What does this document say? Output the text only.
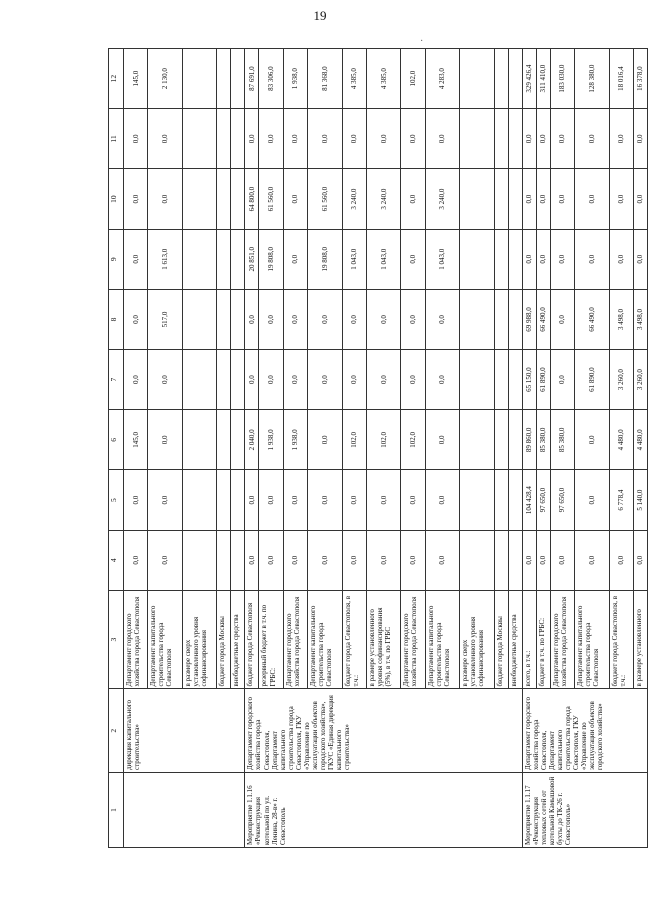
19
1	2	3	4	5	6	7	8	9	10	11	12
	дирекция капитального строительства»	Департамент городского хозяйства города Севастополя	0,0	0,0	145,0	0,0	0,0	0,0	0,0	0,0	145,0
		Департамент капитального строительства города Севастополя	0,0	0,0	0,0	0,0	517,0	1 613,0	0,0	0,0	2 130,0
		в размере сверх установленного уровня софинансирования									
		бюджет города Москвы									
		внебюджетные средства									
Мероприятие 1.1.16 «Реконструкция котельной по ул. Ленина, 28-в» г. Севастополь	Департамент городского хозяйства города Севастополя, Департамент капитального строительства города Севастополя, ГКУ «Управление по эксплуатации объектов городского хозяйства», ГКУС «Единая дирекция капитального строительства»	бюджет города Севастополя	0,0	0,0	2 040,0	0,0	0,0	20 851,0	64 800,0	0,0	87 691,0
		резервный бюджет в т.ч. по ГРБС:	0,0	0,0	1 938,0	0,0	0,0	19 808,0	61 560,0	0,0	83 306,0
		Департамент городского хозяйства города Севастополя	0,0	0,0	1 938,0	0,0	0,0	0,0	0,0	0,0	1 938,0
		Департамент капитального строительства города Севастополя	0,0	0,0	0,0	0,0	0,0	19 808,0	61 560,0	0,0	81 368,0
		бюджет города Севастополя, в т.ч.:	0,0	0,0	102,0	0,0	0,0	1 043,0	3 240,0	0,0	4 385,0
		в размере установленного уровня софинансирования (5%), в т.ч. по ГРБС	0,0	0,0	102,0	0,0	0,0	1 043,0	3 240,0	0,0	4 385,0
		Департамент городского хозяйства города Севастополя	0,0	0,0	102,0	0,0	0,0	0,0	0,0	0,0	102,0
		Департамент капитального строительства города Севастополя	0,0	0,0	0,0	0,0	0,0	1 043,0	3 240,0	0,0	4 283,0
		в размере сверх установленного уровня софинансирования									
		бюджет города Москвы									
		внебюджетные средства									
Мероприятие 1.1.17 «Реконструкция тепловых сетей от котельной Камышовой бухты до ТК-26 г. Севастополь»	Департамент городского хозяйства города Севастополя, Департамент капитального строительства города Севастополя, ГКУ «Управление по эксплуатации объектов городского хозяйства»	всего, в т.ч.:	0,0	104 428,4	89 860,0	65 150,0	69 988,0	0,0	0,0	0,0	329 426,4
		бюджет в т.ч. по ГРБС:	0,0	97 650,0	85 380,0	61 890,0	66 490,0	0,0	0,0	0,0	311 410,0
		Департамент городского хозяйства города Севастополя	0,0	97 650,0	85 380,0	0,0	0,0	0,0	0,0	0,0	183 030,0
		Департамент капитального строительства города Севастополя	0,0	0,0	0,0	61 890,0	66 490,0	0,0	0,0	0,0	128 380,0
		бюджет города Севастополя, в т.ч.:	0,0	6 778,4	4 480,0	3 260,0	3 498,0	0,0	0,0	0,0	18 016,4
		в размере установленного	0,0	5 140,0	4 480,0	3 260,0	3 498,0	0,0	0,0	0,0	16 378,0
·
